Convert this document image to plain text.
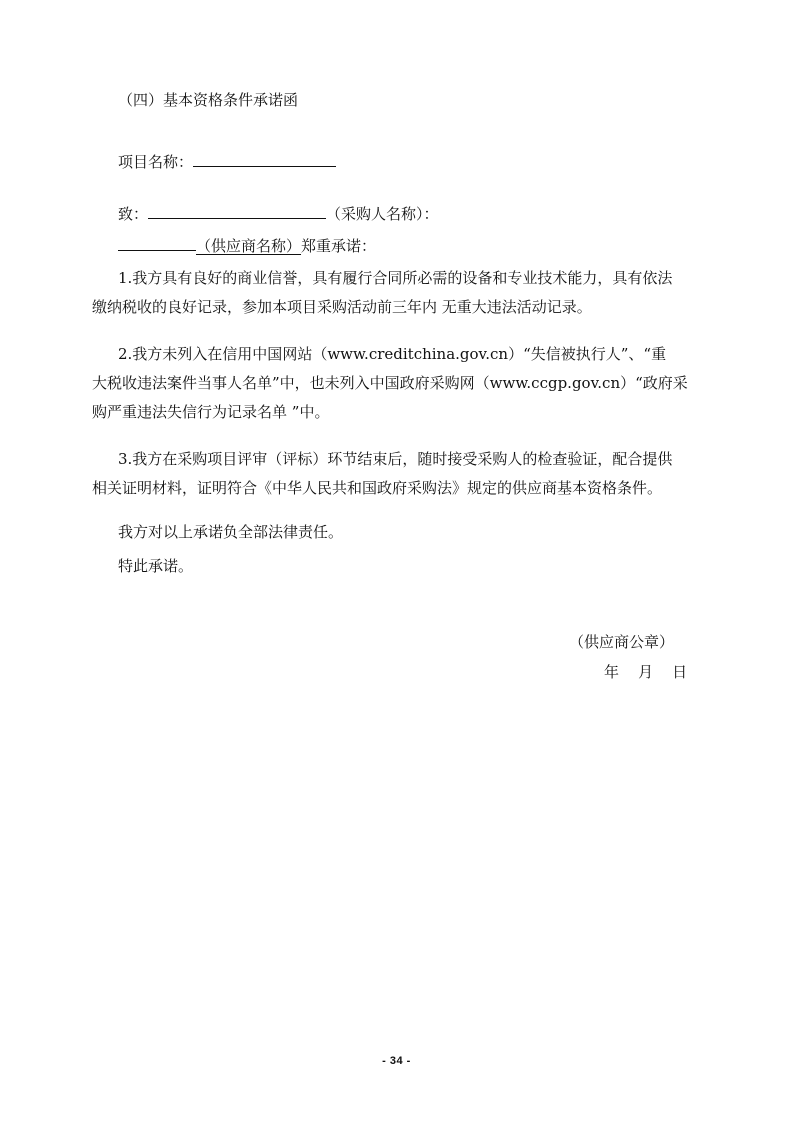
（四）基本资格条件承诺函
项目名称：
致：	（采购人名称）：
（供应商名称）郑重承诺：
1.我方具有良好的商业信誉，具有履行合同所必需的设备和专业技术能力，具有依法
缴纳税收的良好记录，参加本项目采购活动前三年内 无重大违法活动记录。
2.我方未列入在信用中国网站（www.creditchina.gov.cn）“失信被执行人”、“重
大税收违法案件当事人名单”中，也未列入中国政府采购网（www.ccgp.gov.cn）“政府采
购严重违法失信行为记录名单 ”中。
3.我方在采购项目评审（评标）环节结束后，随时接受采购人的检查验证，配合提供
相关证明材料，证明符合《中华人民共和国政府采购法》规定的供应商基本资格条件。
我方对以上承诺负全部法律责任。
特此承诺。
（供应商公章）
年    月    日
- 34 -
